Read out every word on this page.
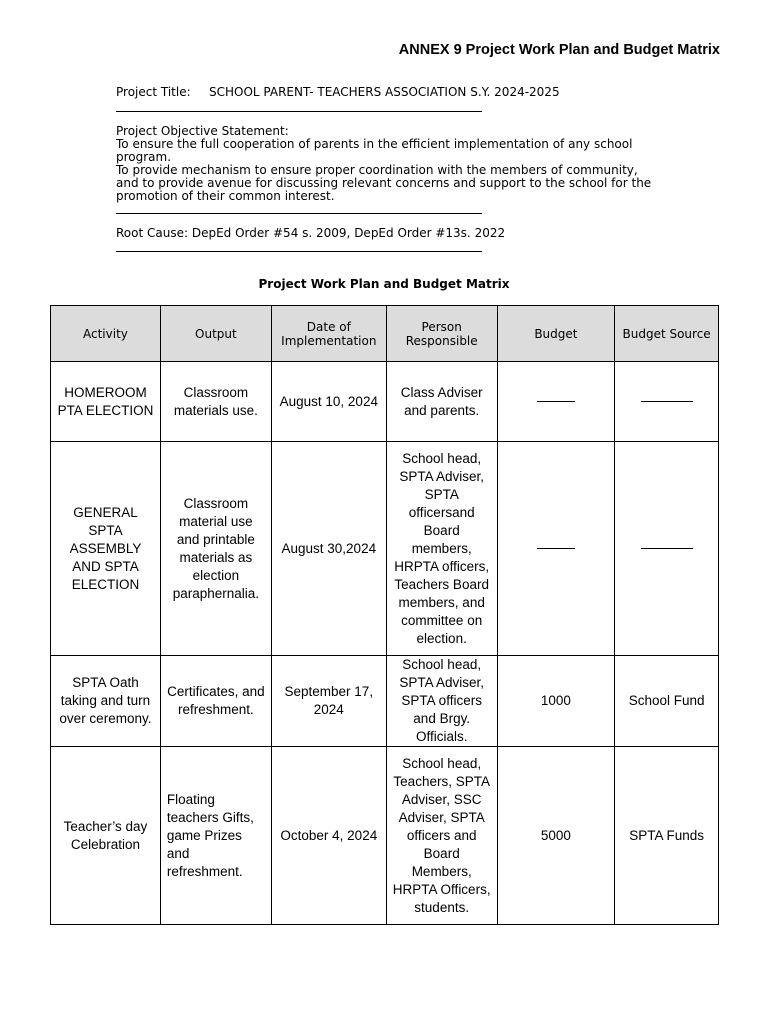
ANNEX 9 Project Work Plan and Budget Matrix
Project Title: SCHOOL PARENT- TEACHERS ASSOCIATION S.Y. 2024-2025
Project Objective Statement:
To ensure the full cooperation of parents in the efficient implementation of any school program.
To provide mechanism to ensure proper coordination with the members of community, and to provide avenue for discussing relevant concerns and support to the school for the promotion of their common interest.
Root Cause: DepEd Order #54 s. 2009, DepEd Order #13s. 2022
Project Work Plan and Budget Matrix
Activity	Output	Date of Implementation	Person Responsible	Budget	Budget Source
HOMEROOM PTA ELECTION	Classroom materials use.	August 10, 2024	Class Adviser and parents.		
GENERAL SPTA ASSEMBLY AND SPTA ELECTION	Classroom material use and printable materials as election paraphernalia.	August 30,2024	School head, SPTA Adviser, SPTA officersand Board members, HRPTA officers, Teachers Board members, and committee on election.		
SPTA Oath taking and turn over ceremony.	Certificates, and refreshment.	September 17, 2024	School head, SPTA Adviser, SPTA officers and Brgy. Officials.	1000	School Fund
Teacher’s day Celebration	Floating teachers Gifts, game Prizes and refreshment.	October 4, 2024	School head, Teachers, SPTA Adviser, SSC Adviser, SPTA officers and Board Members, HRPTA Officers, students.	5000	SPTA Funds
